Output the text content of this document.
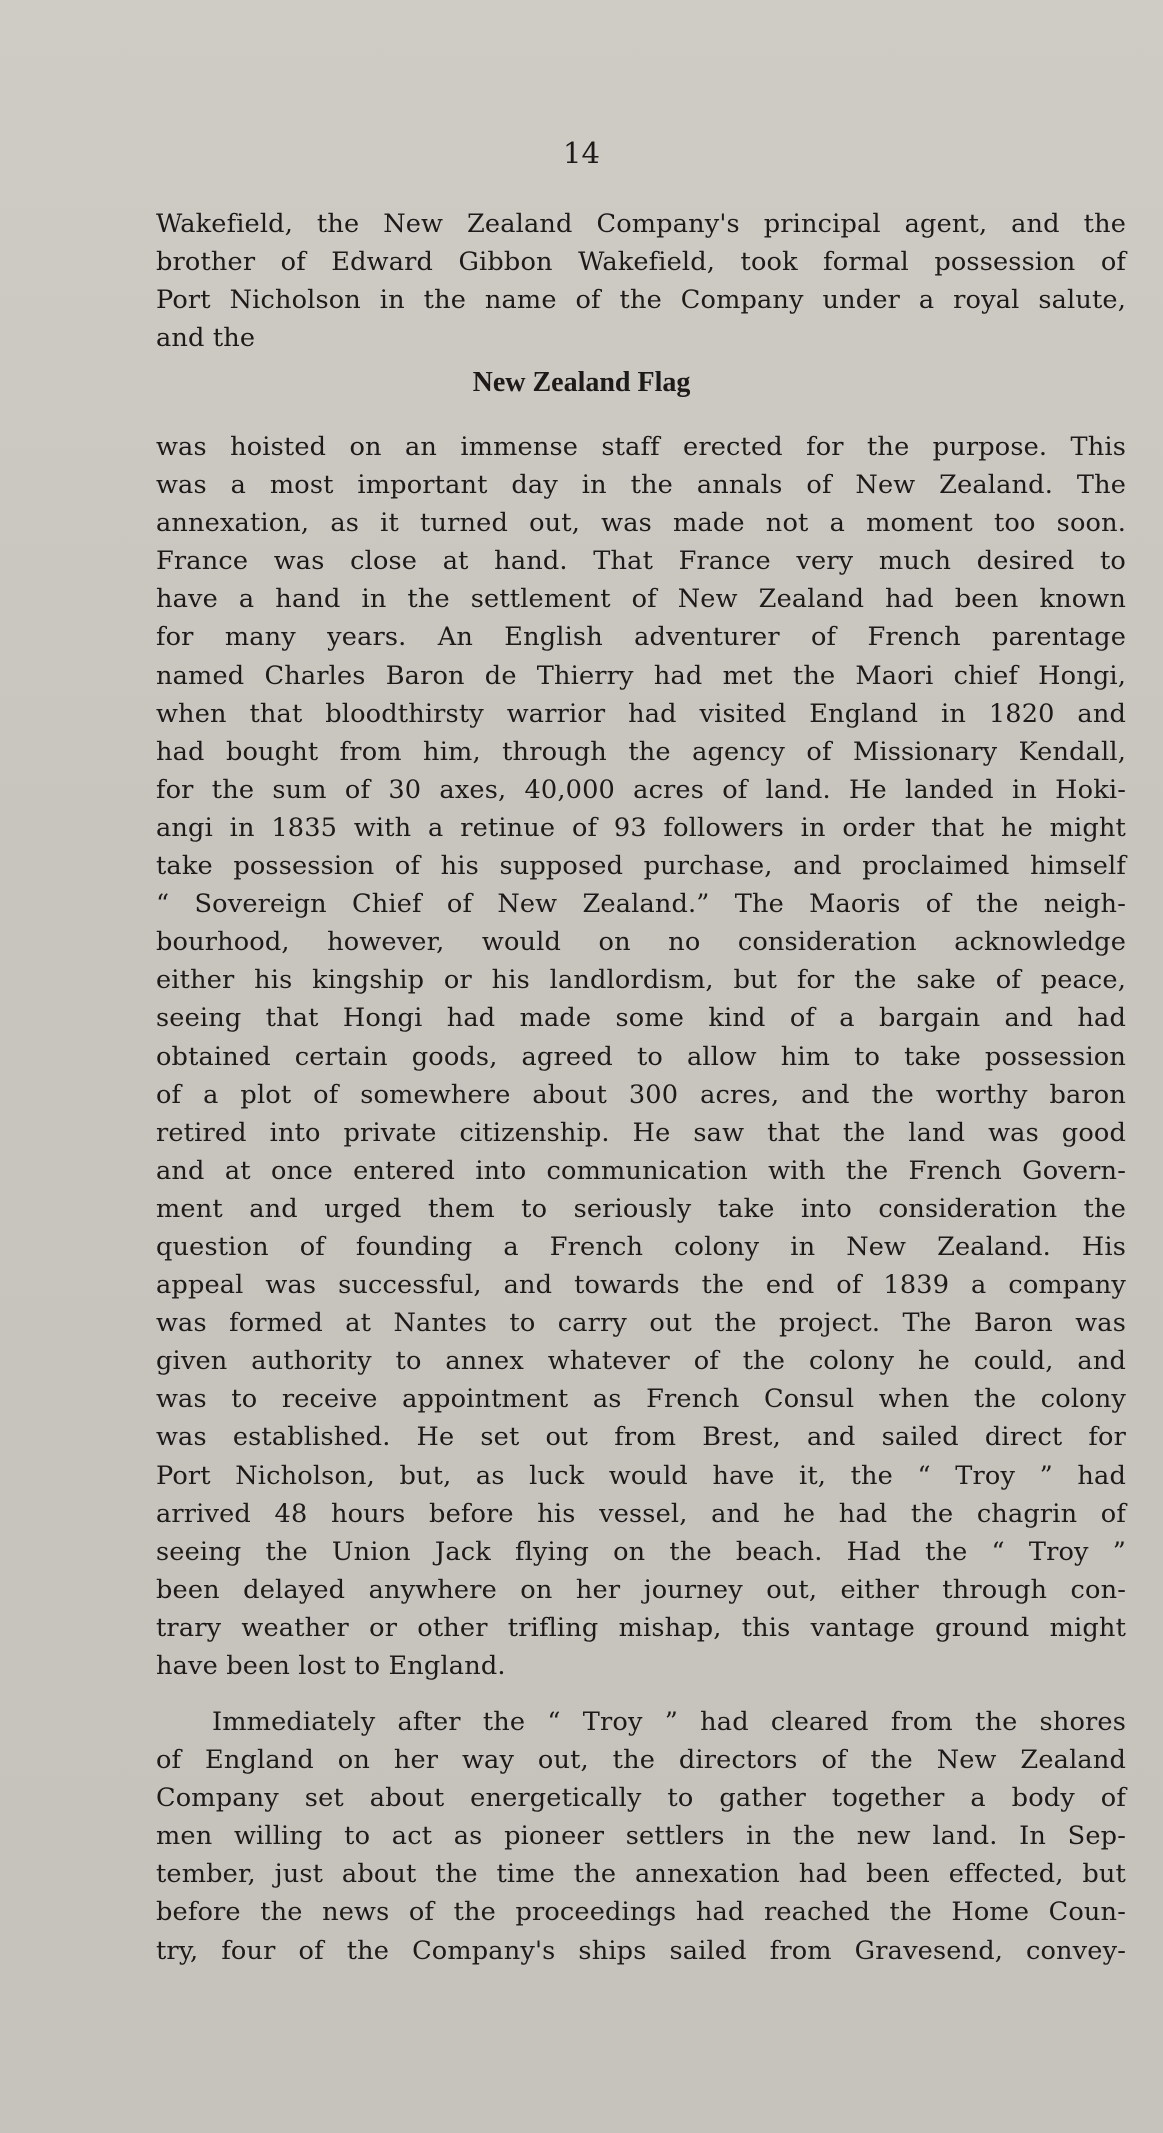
14
Wakefield, the New Zealand Company's principal agent, and the
brother of Edward Gibbon Wakefield, took formal possession of
Port Nicholson in the name of the Company under a royal salute,
and the
New Zealand Flag
was hoisted on an immense staff erected for the purpose. This
was a most important day in the annals of New Zealand. The
annexation, as it turned out, was made not a moment too soon.
France was close at hand. That France very much desired to
have a hand in the settlement of New Zealand had been known
for many years. An English adventurer of French parentage
named Charles Baron de Thierry had met the Maori chief Hongi,
when that bloodthirsty warrior had visited England in 1820 and
had bought from him, through the agency of Missionary Kendall,
for the sum of 30 axes, 40,000 acres of land. He landed in Hoki-
angi in 1835 with a retinue of 93 followers in order that he might
take possession of his supposed purchase, and proclaimed himself
“ Sovereign Chief of New Zealand.” The Maoris of the neigh-
bourhood, however, would on no consideration acknowledge
either his kingship or his landlordism, but for the sake of peace,
seeing that Hongi had made some kind of a bargain and had
obtained certain goods, agreed to allow him to take possession
of a plot of somewhere about 300 acres, and the worthy baron
retired into private citizenship. He saw that the land was good
and at once entered into communication with the French Govern-
ment and urged them to seriously take into consideration the
question of founding a French colony in New Zealand. His
appeal was successful, and towards the end of 1839 a company
was formed at Nantes to carry out the project. The Baron was
given authority to annex whatever of the colony he could, and
was to receive appointment as French Consul when the colony
was established. He set out from Brest, and sailed direct for
Port Nicholson, but, as luck would have it, the “ Troy ” had
arrived 48 hours before his vessel, and he had the chagrin of
seeing the Union Jack flying on the beach. Had the “ Troy ”
been delayed anywhere on her journey out, either through con-
trary weather or other trifling mishap, this vantage ground might
have been lost to England.
Immediately after the “ Troy ” had cleared from the shores
of England on her way out, the directors of the New Zealand
Company set about energetically to gather together a body of
men willing to act as pioneer settlers in the new land. In Sep-
tember, just about the time the annexation had been effected, but
before the news of the proceedings had reached the Home Coun-
try, four of the Company's ships sailed from Gravesend, convey-
